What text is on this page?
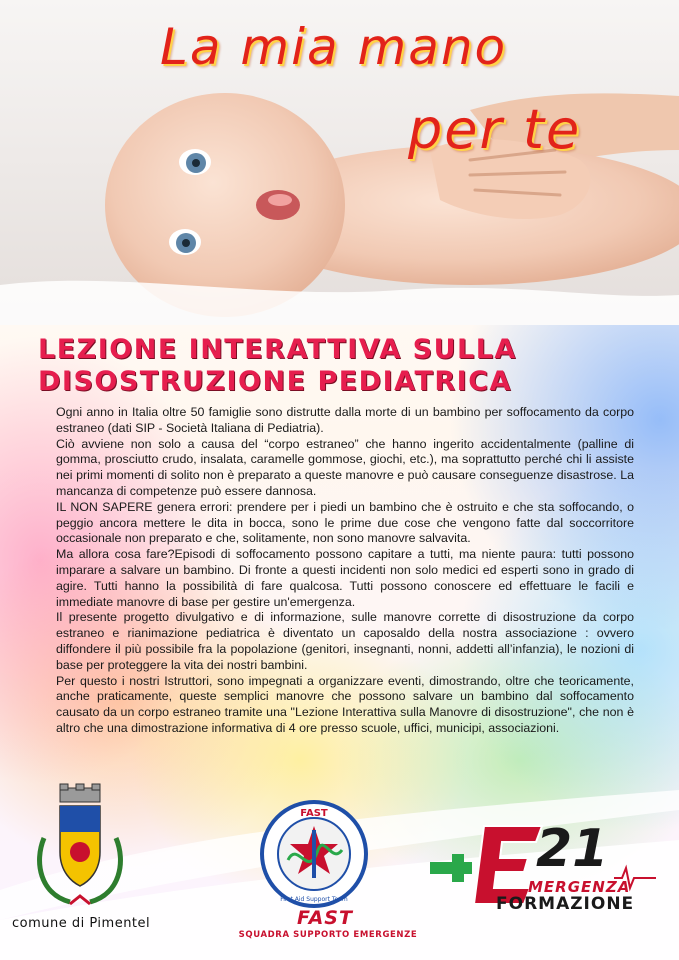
La mia mano
per te
LEZIONE INTERATTIVA SULLA
DISOSTRUZIONE PEDIATRICA

Ogni anno in Italia oltre 50 famiglie sono distrutte dalla morte di un bambino per soffocamento da corpo estraneo (dati SIP - Società Italiana di Pediatria).

Ciò avviene non solo a causa del “corpo estraneo” che hanno ingerito accidentalmente (palline di gomma, prosciutto crudo, insalata, caramelle gommose, giochi, etc.), ma soprattutto perché chi li assiste nei primi momenti di solito non è preparato a queste manovre e può causare conseguenze disastrose. La mancanza di competenze può essere dannosa.

IL NON SAPERE genera errori: prendere per i piedi un bambino che è ostruito e che sta soffocando, o peggio ancora mettere le dita in bocca, sono le prime due cose che vengono fatte dal soccorritore occasionale non preparato e che, solitamente, non sono manovre salvavita.

Ma allora cosa fare?Episodi di soffocamento possono capitare a tutti, ma niente paura: tutti possono imparare a salvare un bambino. Di fronte a questi incidenti non solo medici ed esperti sono in grado di agire. Tutti hanno la possibilità di fare qualcosa. Tutti possono conoscere ed effettuare le facili e immediate manovre di base per gestire un'emergenza.

Il presente progetto divulgativo e di informazione, sulle manovre corrette di disostruzione da corpo estraneo e rianimazione pediatrica è diventato un caposaldo della nostra associazione : ovvero diffondere il più possibile fra la popolazione (genitori, insegnanti, nonni, addetti all’infanzia), le nozioni di base per proteggere la vita dei nostri bambini.

Per questo i nostri Istruttori, sono impegnati a organizzare eventi, dimostrando, oltre che teoricamente, anche praticamente, queste semplici manovre che possono salvare un bambino dal soffocamento causato da un corpo estraneo tramite una "Lezione Interattiva sulla Manovre di disostruzione", che non è altro che una dimostrazione informativa di 4 ore presso scuole, uffici, municipi, associazioni.

comune di Pimentel
FAST
First Aid Support Team
FAST
SQUADRA SUPPORTO EMERGENZE
21
MERGENZA
FORMAZIONE
